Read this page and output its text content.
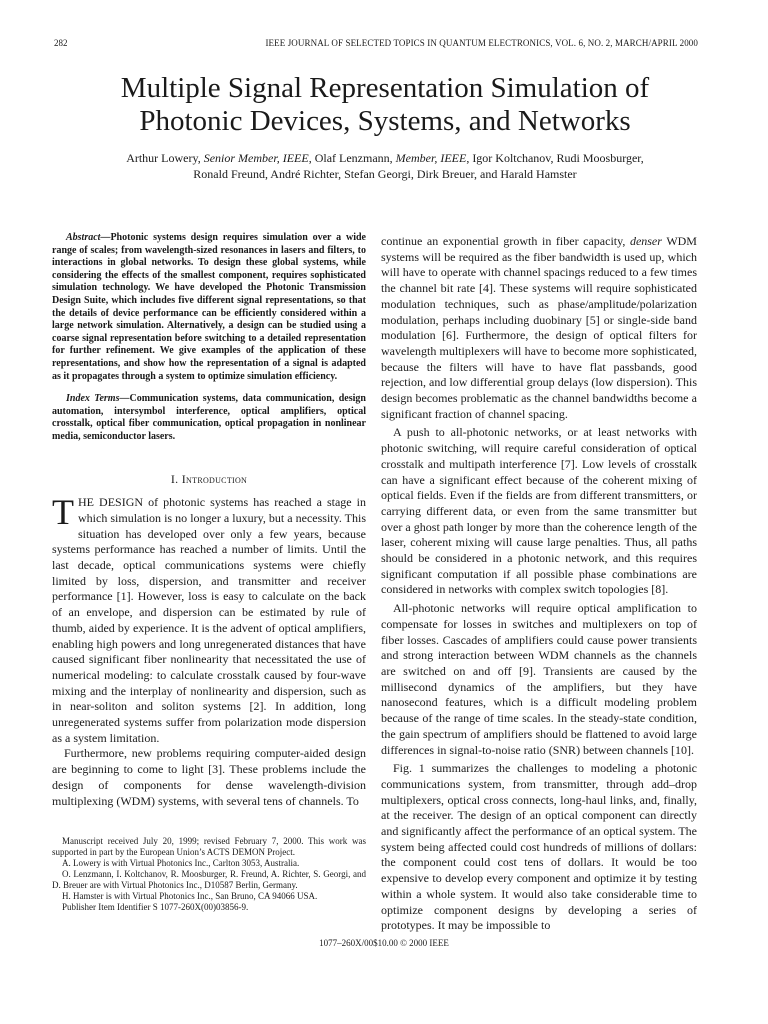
282	IEEE JOURNAL OF SELECTED TOPICS IN QUANTUM ELECTRONICS, VOL. 6, NO. 2, MARCH/APRIL 2000
Multiple Signal Representation Simulation of
Photonic Devices, Systems, and Networks
Arthur Lowery, Senior Member, IEEE, Olaf Lenzmann, Member, IEEE, Igor Koltchanov, Rudi Moosburger,
Ronald Freund, André Richter, Stefan Georgi, Dirk Breuer, and Harald Hamster

Abstract—Photonic systems design requires simulation over a wide range of scales; from wavelength-sized resonances in lasers and filters, to interactions in global networks. To design these global systems, while considering the effects of the smallest component, requires sophisticated simulation technology. We have developed the Photonic Transmission Design Suite, which includes five different signal representations, so that the details of device performance can be efficiently considered within a large network simulation. Alternatively, a design can be studied using a coarse signal representation before switching to a detailed representation for further refinement. We give examples of the application of these representations, and show how the representation of a signal is adapted as it propagates through a system to optimize simulation efficiency.

Index Terms—Communication systems, data communication, design automation, intersymbol interference, optical amplifiers, optical crosstalk, optical fiber communication, optical propagation in nonlinear media, semiconductor lasers.

I. Introduction

THE DESIGN of photonic systems has reached a stage in which simulation is no longer a luxury, but a necessity. This situation has developed over only a few years, because systems performance has reached a number of limits. Until the last decade, optical communications systems were chiefly limited by loss, dispersion, and transmitter and receiver performance [1]. However, loss is easy to calculate on the back of an envelope, and dispersion can be estimated by rule of thumb, aided by experience. It is the advent of optical amplifiers, enabling high powers and long unregenerated distances that have caused significant fiber nonlinearity that necessitated the use of numerical modeling: to calculate crosstalk caused by four-wave mixing and the interplay of nonlinearity and dispersion, such as in near-soliton and soliton systems [2]. In addition, long unregenerated systems suffer from polarization mode dispersion as a system limitation.

Furthermore, new problems requiring computer-aided design are beginning to come to light [3]. These problems include the design of components for dense wavelength-division multiplexing (WDM) systems, with several tens of channels. To

Manuscript received July 20, 1999; revised February 7, 2000. This work was supported in part by the European Union’s ACTS DEMON Project.

A. Lowery is with Virtual Photonics Inc., Carlton 3053, Australia.

O. Lenzmann, I. Koltchanov, R. Moosburger, R. Freund, A. Richter, S. Georgi, and D. Breuer are with Virtual Photonics Inc., D10587 Berlin, Germany.

H. Hamster is with Virtual Photonics Inc., San Bruno, CA 94066 USA.

Publisher Item Identifier S 1077-260X(00)03856-9.

continue an exponential growth in fiber capacity, denser WDM systems will be required as the fiber bandwidth is used up, which will have to operate with channel spacings reduced to a few times the channel bit rate [4]. These systems will require sophisticated modulation techniques, such as phase/amplitude/polarization modulation, perhaps including duobinary [5] or single-side band modulation [6]. Furthermore, the design of optical filters for wavelength multiplexers will have to become more sophisticated, because the filters will have to have flat passbands, good rejection, and low differential group delays (low dispersion). This design becomes problematic as the channel bandwidths become a significant fraction of channel spacing.

A push to all-photonic networks, or at least networks with photonic switching, will require careful consideration of optical crosstalk and multipath interference [7]. Low levels of crosstalk can have a significant effect because of the coherent mixing of optical fields. Even if the fields are from different transmitters, or carrying different data, or even from the same transmitter but over a ghost path longer by more than the coherence length of the laser, coherent mixing will cause large penalties. Thus, all paths should be considered in a photonic network, and this requires significant computation if all possible phase combinations are considered in networks with complex switch topologies [8].

All-photonic networks will require optical amplification to compensate for losses in switches and multiplexers on top of fiber losses. Cascades of amplifiers could cause power transients and strong interaction between WDM channels as the channels are switched on and off [9]. Transients are caused by the millisecond dynamics of the amplifiers, but they have nanosecond features, which is a difficult modeling problem because of the range of time scales. In the steady-state condition, the gain spectrum of amplifiers should be flattened to avoid large differences in signal-to-noise ratio (SNR) between channels [10].

Fig. 1 summarizes the challenges to modeling a photonic communications system, from transmitter, through add–drop multiplexers, optical cross connects, long-haul links, and, finally, at the receiver. The design of an optical component can directly and significantly affect the performance of an optical system. The system being affected could cost hundreds of millions of dollars: the component could cost tens of dollars. It would be too expensive to develop every component and optimize it by testing within a whole system. It would also take considerable time to optimize component designs by developing a series of prototypes. It may be impossible to

1077–260X/00$10.00 © 2000 IEEE
